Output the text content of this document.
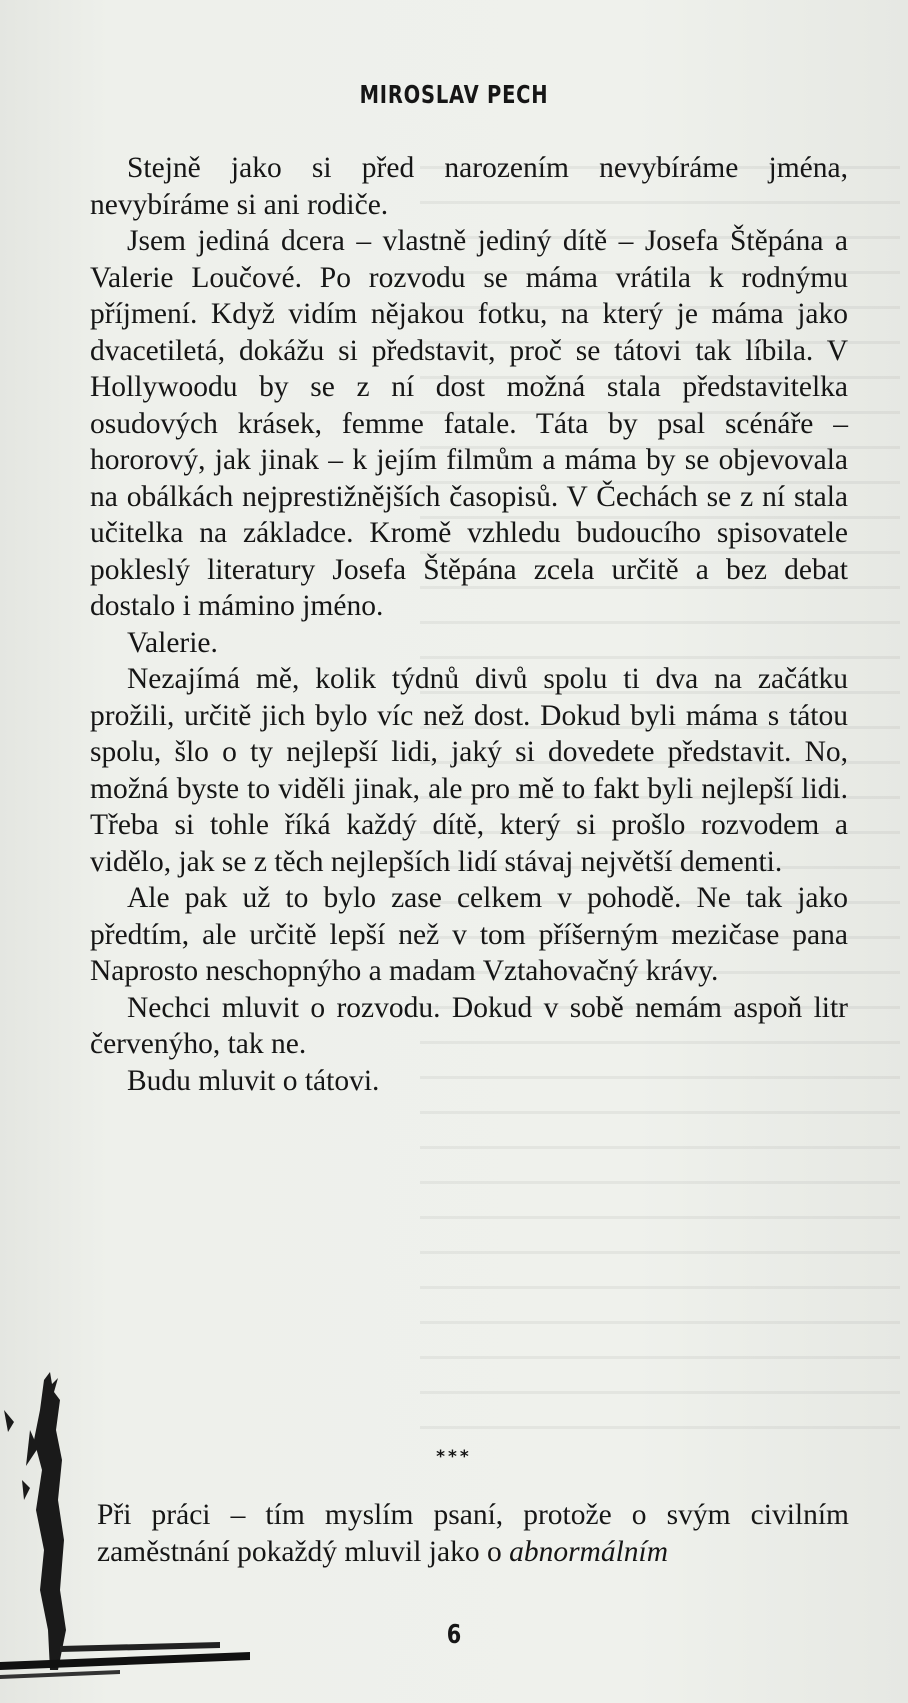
MIROSLAV PECH

Stejně jako si před narozením nevybíráme jména, nevybíráme si ani rodiče.

Jsem jediná dcera – vlastně jediný dítě – Josefa Štěpána a Valerie Loučové. Po rozvodu se máma vrátila k rodnýmu příjmení. Když vidím nějakou fotku, na který je máma jako dvacetiletá, dokážu si představit, proč se tátovi tak líbila. V Hollywoodu by se z ní dost možná stala představitelka osudových krásek, femme fatale. Táta by psal scénáře – hororový, jak jinak – k jejím filmům a máma by se objevovala na obálkách nejprestižnějších časopisů. V Čechách se z ní stala učitelka na základce. Kromě vzhledu budoucího spisovatele pokleslý literatury Josefa Štěpána zcela určitě a bez debat dostalo i mámino jméno.

Valerie.

Nezajímá mě, kolik týdnů divů spolu ti dva na začátku prožili, určitě jich bylo víc než dost. Dokud byli máma s tátou spolu, šlo o ty nejlepší lidi, jaký si dovedete představit. No, možná byste to viděli jinak, ale pro mě to fakt byli nejlepší lidi. Třeba si tohle říká každý dítě, který si prošlo rozvodem a vidělo, jak se z těch nejlepších lidí stávaj největší dementi.

Ale pak už to bylo zase celkem v pohodě. Ne tak jako předtím, ale určitě lepší než v tom příšerným mezičase pana Naprosto neschopnýho a madam Vztahovačný krávy.

Nechci mluvit o rozvodu. Dokud v sobě nemám aspoň litr červenýho, tak ne.

Budu mluvit o tátovi.

***

Při práci – tím myslím psaní, protože o svým civilním zaměstnání pokaždý mluvil jako o abnormálním

6
